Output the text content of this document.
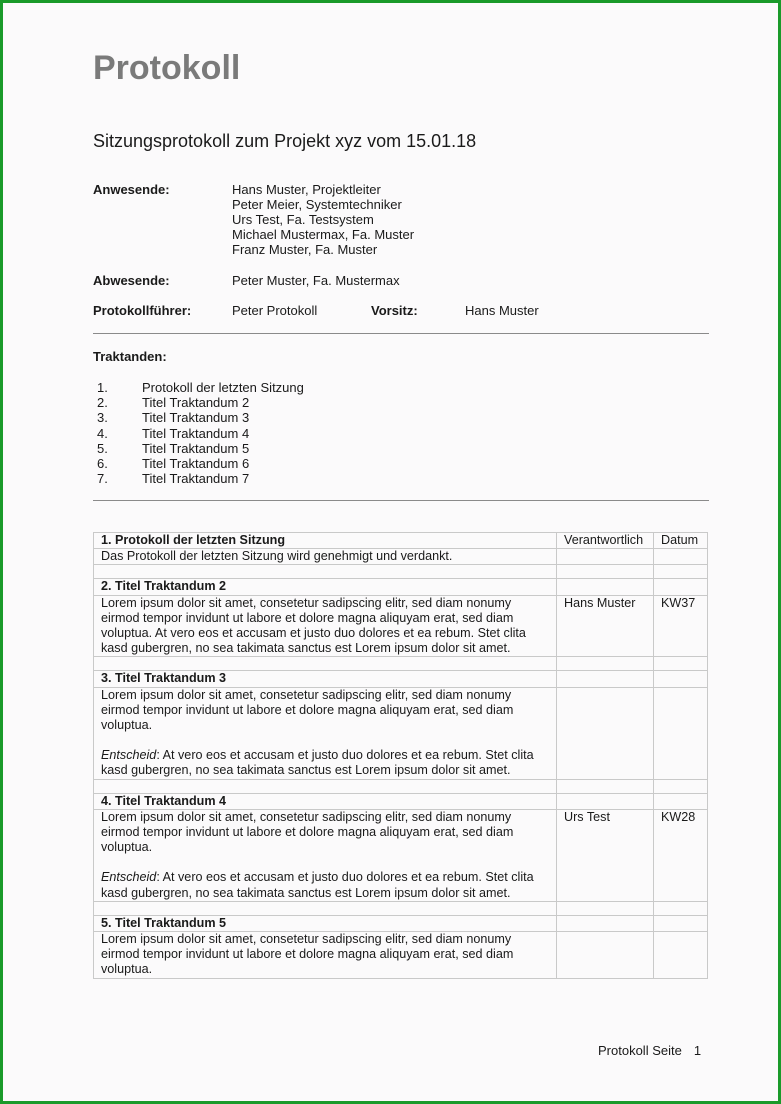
Protokoll
Sitzungsprotokoll zum Projekt xyz vom 15.01.18
Anwesende:	Hans Muster, Projektleiter
Peter Meier, Systemtechniker
Urs Test, Fa. Testsystem
Michael Mustermax, Fa. Muster
Franz Muster, Fa. Muster
Abwesende:	Peter Muster, Fa. Mustermax
Protokollführer:	Peter Protokoll	Vorsitz:	Hans Muster
Traktanden:
1.	Protokoll der letzten Sitzung
2.	Titel Traktandum 2
3.	Titel Traktandum 3
4.	Titel Traktandum 4
5.	Titel Traktandum 5
6.	Titel Traktandum 6
7.	Titel Traktandum 7
1. Protokoll der letzten Sitzung	Verantwortlich	Datum
Das Protokoll der letzten Sitzung wird genehmigt und verdankt.		

2. Titel Traktandum 2		
Lorem ipsum dolor sit amet, consetetur sadipscing elitr, sed diam nonumy eirmod tempor invidunt ut labore et dolore magna aliquyam erat, sed diam voluptua. At vero eos et accusam et justo duo dolores et ea rebum. Stet clita kasd gubergren, no sea takimata sanctus est Lorem ipsum dolor sit amet.	Hans Muster	KW37

3. Titel Traktandum 3		

Lorem ipsum dolor sit amet, consetetur sadipscing elitr, sed diam nonumy eirmod tempor invidunt ut labore et dolore magna aliquyam erat, sed diam voluptua.
Entscheid: At vero eos et accusam et justo duo dolores et ea rebum. Stet clita kasd gubergren, no sea takimata sanctus est Lorem ipsum dolor sit amet.		

4. Titel Traktandum 4		

Lorem ipsum dolor sit amet, consetetur sadipscing elitr, sed diam nonumy eirmod tempor invidunt ut labore et dolore magna aliquyam erat, sed diam voluptua.
Entscheid: At vero eos et accusam et justo duo dolores et ea rebum. Stet clita kasd gubergren, no sea takimata sanctus est Lorem ipsum dolor sit amet.	Urs Test	KW28

5. Titel Traktandum 5		
Lorem ipsum dolor sit amet, consetetur sadipscing elitr, sed diam nonumy eirmod tempor invidunt ut labore et dolore magna aliquyam erat, sed diam voluptua.		
Protokoll Seite 1
